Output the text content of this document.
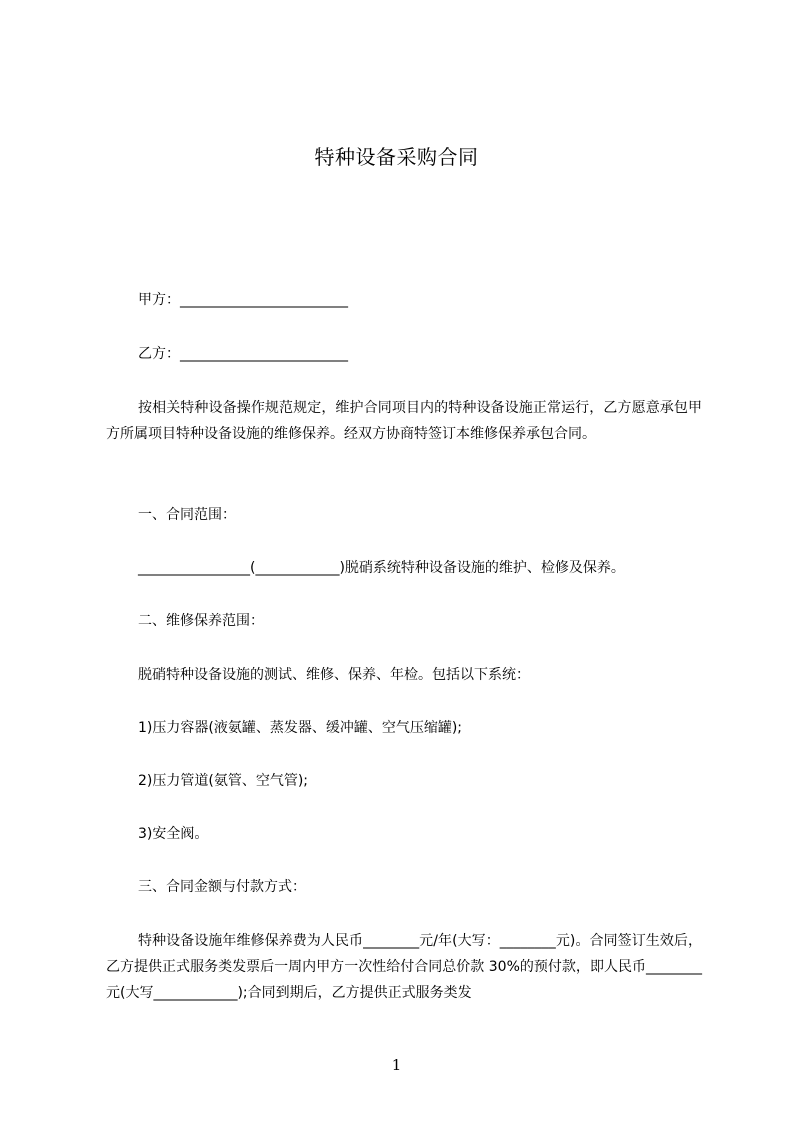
特种设备采购合同
甲方：________________________
乙方：________________________
按相关特种设备操作规范规定，维护合同项目内的特种设备设施正常运行，乙方愿意承包甲方所属项目特种设备设施的维修保养。经双方协商特签订本维修保养承包合同。
一、合同范围：
________________(____________)脱硝系统特种设备设施的维护、检修及保养。
二、维修保养范围：
脱硝特种设备设施的测试、维修、保养、年检。包括以下系统：
1)压力容器(液氨罐、蒸发器、缓冲罐、空气压缩罐);
2)压力管道(氨管、空气管);
3)安全阀。
三、合同金额与付款方式：
特种设备设施年维修保养费为人民币________元/年(大写：________元)。合同签订生效后，乙方提供正式服务类发票后一周内甲方一次性给付合同总价款 30%的预付款，即人民币________元(大写____________);合同到期后，乙方提供正式服务类发
1
